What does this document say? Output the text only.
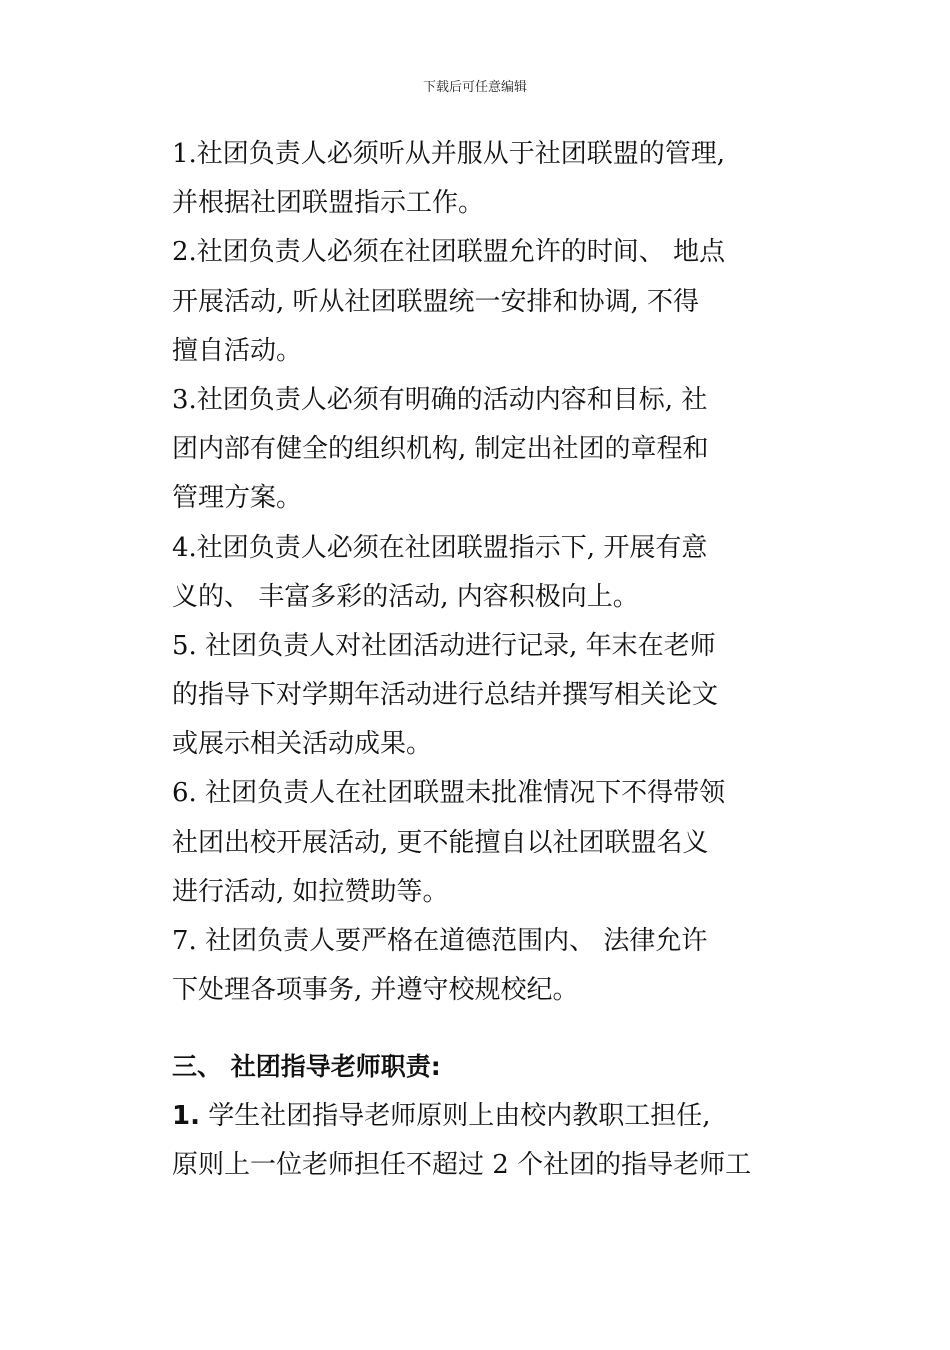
下载后可任意编辑
1.社团负责人必须听从并服从于社团联盟的管理,
并根据社团联盟指示工作。
2.社团负责人必须在社团联盟允许的时间、 地点
开展活动, 听从社团联盟统一安排和协调, 不得
擅自活动。
3.社团负责人必须有明确的活动内容和目标, 社
团内部有健全的组织机构, 制定出社团的章程和
管理方案。
4.社团负责人必须在社团联盟指示下, 开展有意
义的、 丰富多彩的活动, 内容积极向上。
5. 社团负责人对社团活动进行记录, 年末在老师
的指导下对学期年活动进行总结并撰写相关论文
或展示相关活动成果。
6. 社团负责人在社团联盟未批准情况下不得带领
社团出校开展活动, 更不能擅自以社团联盟名义
进行活动, 如拉赞助等。
7. 社团负责人要严格在道德范围内、 法律允许
下处理各项事务, 并遵守校规校纪。
三、 社团指导老师职责:
1. 学生社团指导老师原则上由校内教职工担任,
原则上一位老师担任不超过 2 个社团的指导老师工
